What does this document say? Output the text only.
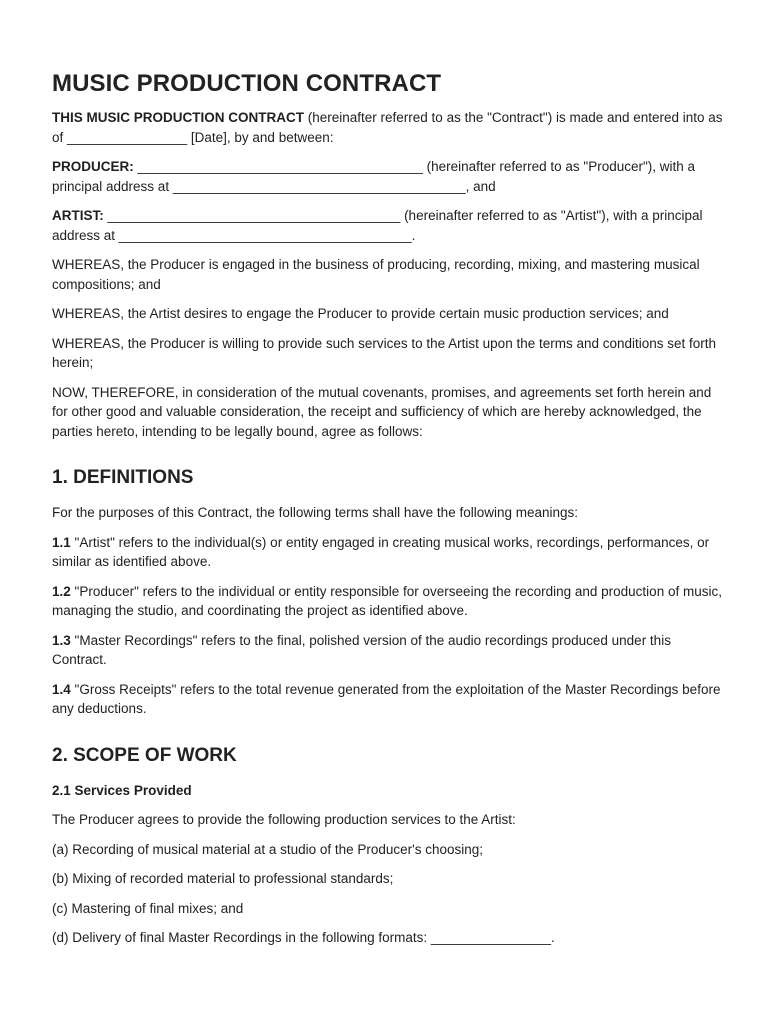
MUSIC PRODUCTION CONTRACT

THIS MUSIC PRODUCTION CONTRACT (hereinafter referred to as the "Contract") is made and entered into as of ________________ [Date], by and between:

PRODUCER: ______________________________________ (hereinafter referred to as "Producer"), with a principal address at _______________________________________, and

ARTIST: _______________________________________ (hereinafter referred to as "Artist"), with a principal address at _______________________________________.

WHEREAS, the Producer is engaged in the business of producing, recording, mixing, and mastering musical compositions; and

WHEREAS, the Artist desires to engage the Producer to provide certain music production services; and

WHEREAS, the Producer is willing to provide such services to the Artist upon the terms and conditions set forth herein;

NOW, THEREFORE, in consideration of the mutual covenants, promises, and agreements set forth herein and for other good and valuable consideration, the receipt and sufficiency of which are hereby acknowledged, the parties hereto, intending to be legally bound, agree as follows:

1. DEFINITIONS

For the purposes of this Contract, the following terms shall have the following meanings:

1.1 "Artist" refers to the individual(s) or entity engaged in creating musical works, recordings, performances, or similar as identified above.

1.2 "Producer" refers to the individual or entity responsible for overseeing the recording and production of music, managing the studio, and coordinating the project as identified above.

1.3 "Master Recordings" refers to the final, polished version of the audio recordings produced under this Contract.

1.4 "Gross Receipts" refers to the total revenue generated from the exploitation of the Master Recordings before any deductions.

2. SCOPE OF WORK
2.1 Services Provided

The Producer agrees to provide the following production services to the Artist:

(a) Recording of musical material at a studio of the Producer's choosing;

(b) Mixing of recorded material to professional standards;

(c) Mastering of final mixes; and

(d) Delivery of final Master Recordings in the following formats: ________________.
